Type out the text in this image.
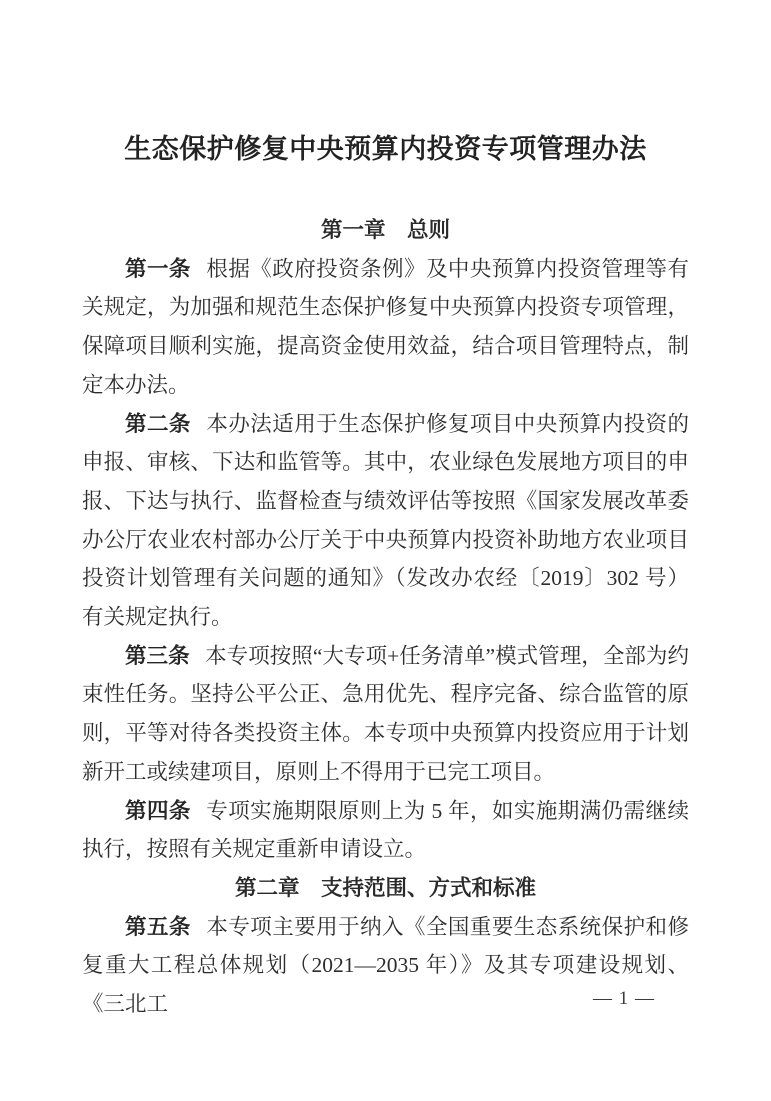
生态保护修复中央预算内投资专项管理办法
第一章　总则

第一条 根据《政府投资条例》及中央预算内投资管理等有关规定，为加强和规范生态保护修复中央预算内投资专项管理，保障项目顺利实施，提高资金使用效益，结合项目管理特点，制定本办法。

第二条 本办法适用于生态保护修复项目中央预算内投资的申报、审核、下达和监管等。其中，农业绿色发展地方项目的申报、下达与执行、监督检查与绩效评估等按照《国家发展改革委办公厅农业农村部办公厅关于中央预算内投资补助地方农业项目投资计划管理有关问题的通知》（发改办农经〔2019〕302 号）有关规定执行。

第三条 本专项按照“大专项+任务清单”模式管理，全部为约束性任务。坚持公平公正、急用优先、程序完备、综合监管的原则，平等对待各类投资主体。本专项中央预算内投资应用于计划新开工或续建项目，原则上不得用于已完工项目。

第四条 专项实施期限原则上为 5 年，如实施期满仍需继续执行，按照有关规定重新申请设立。

第二章　支持范围、方式和标准

第五条 本专项主要用于纳入《全国重要生态系统保护和修复重大工程总体规划（2021—2035 年）》及其专项建设规划、《三北工	— 1 —
